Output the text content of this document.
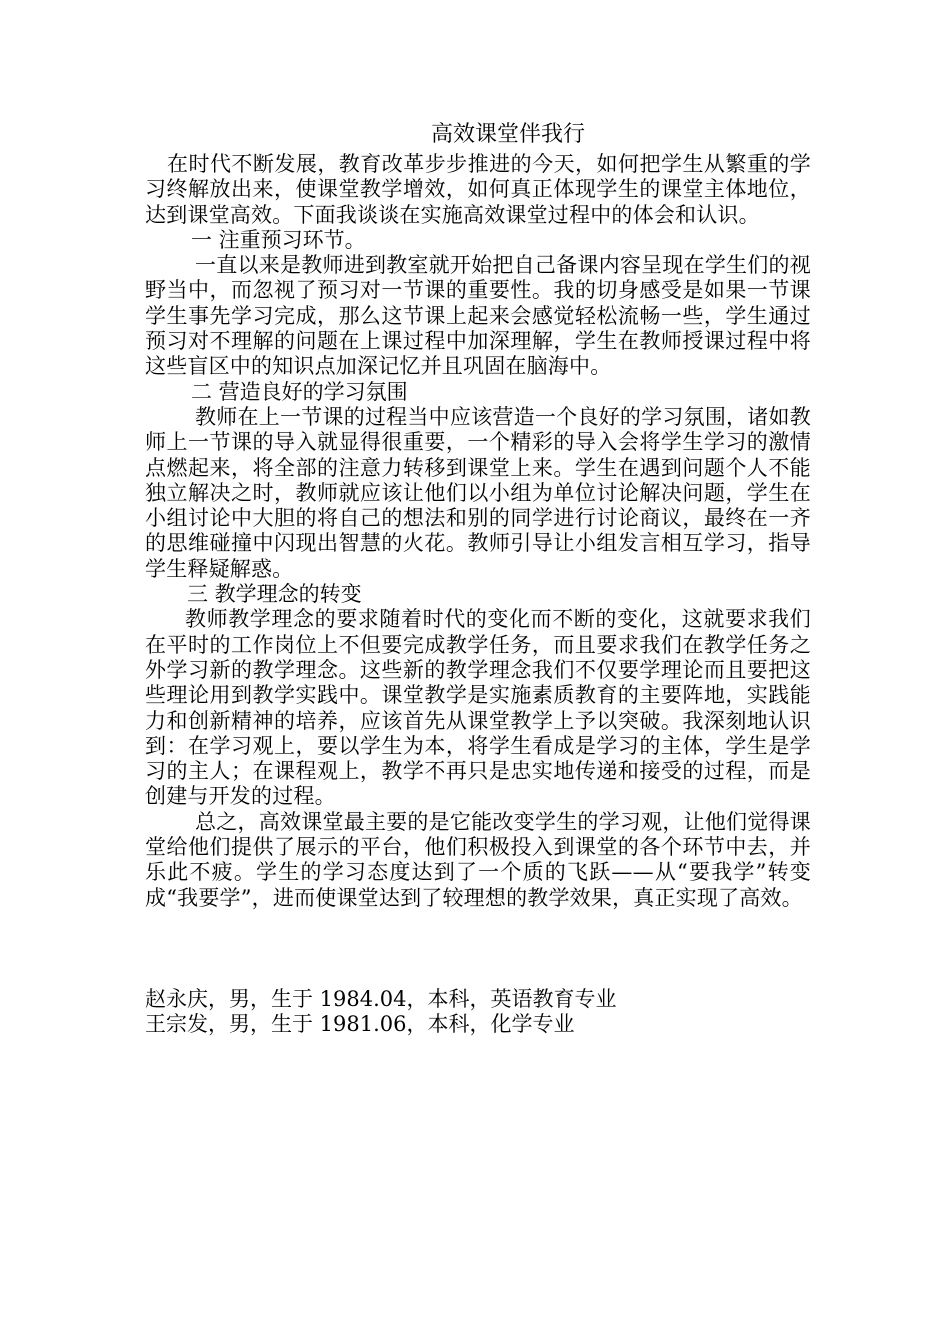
高效课堂伴我行

在时代不断发展，教育改革步步推进的今天，如何把学生从繁重的学习终解放出来，使课堂教学增效，如何真正体现学生的课堂主体地位，达到课堂高效。下面我谈谈在实施高效课堂过程中的体会和认识。

一 注重预习环节。

一直以来是教师进到教室就开始把自己备课内容呈现在学生们的视野当中，而忽视了预习对一节课的重要性。我的切身感受是如果一节课学生事先学习完成，那么这节课上起来会感觉轻松流畅一些，学生通过预习对不理解的问题在上课过程中加深理解，学生在教师授课过程中将这些盲区中的知识点加深记忆并且巩固在脑海中。

二 营造良好的学习氛围

教师在上一节课的过程当中应该营造一个良好的学习氛围，诸如教师上一节课的导入就显得很重要，一个精彩的导入会将学生学习的激情点燃起来，将全部的注意力转移到课堂上来。学生在遇到问题个人不能独立解决之时，教师就应该让他们以小组为单位讨论解决问题，学生在小组讨论中大胆的将自己的想法和别的同学进行讨论商议，最终在一齐的思维碰撞中闪现出智慧的火花。教师引导让小组发言相互学习，指导学生释疑解惑。

三 教学理念的转变

教师教学理念的要求随着时代的变化而不断的变化，这就要求我们在平时的工作岗位上不但要完成教学任务，而且要求我们在教学任务之外学习新的教学理念。这些新的教学理念我们不仅要学理论而且要把这些理论用到教学实践中。课堂教学是实施素质教育的主要阵地，实践能力和创新精神的培养，应该首先从课堂教学上予以突破。我深刻地认识到：在学习观上，要以学生为本，将学生看成是学习的主体，学生是学习的主人；在课程观上，教学不再只是忠实地传递和接受的过程，而是创建与开发的过程。

总之，高效课堂最主要的是它能改变学生的学习观，让他们觉得课堂给他们提供了展示的平台，他们积极投入到课堂的各个环节中去，并乐此不疲。学生的学习态度达到了一个质的飞跃——从“要我学”转变成“我要学”，进而使课堂达到了较理想的教学效果，真正实现了高效。

赵永庆，男，生于 1984.04，本科，英语教育专业

王宗发，男，生于 1981.06，本科，化学专业
